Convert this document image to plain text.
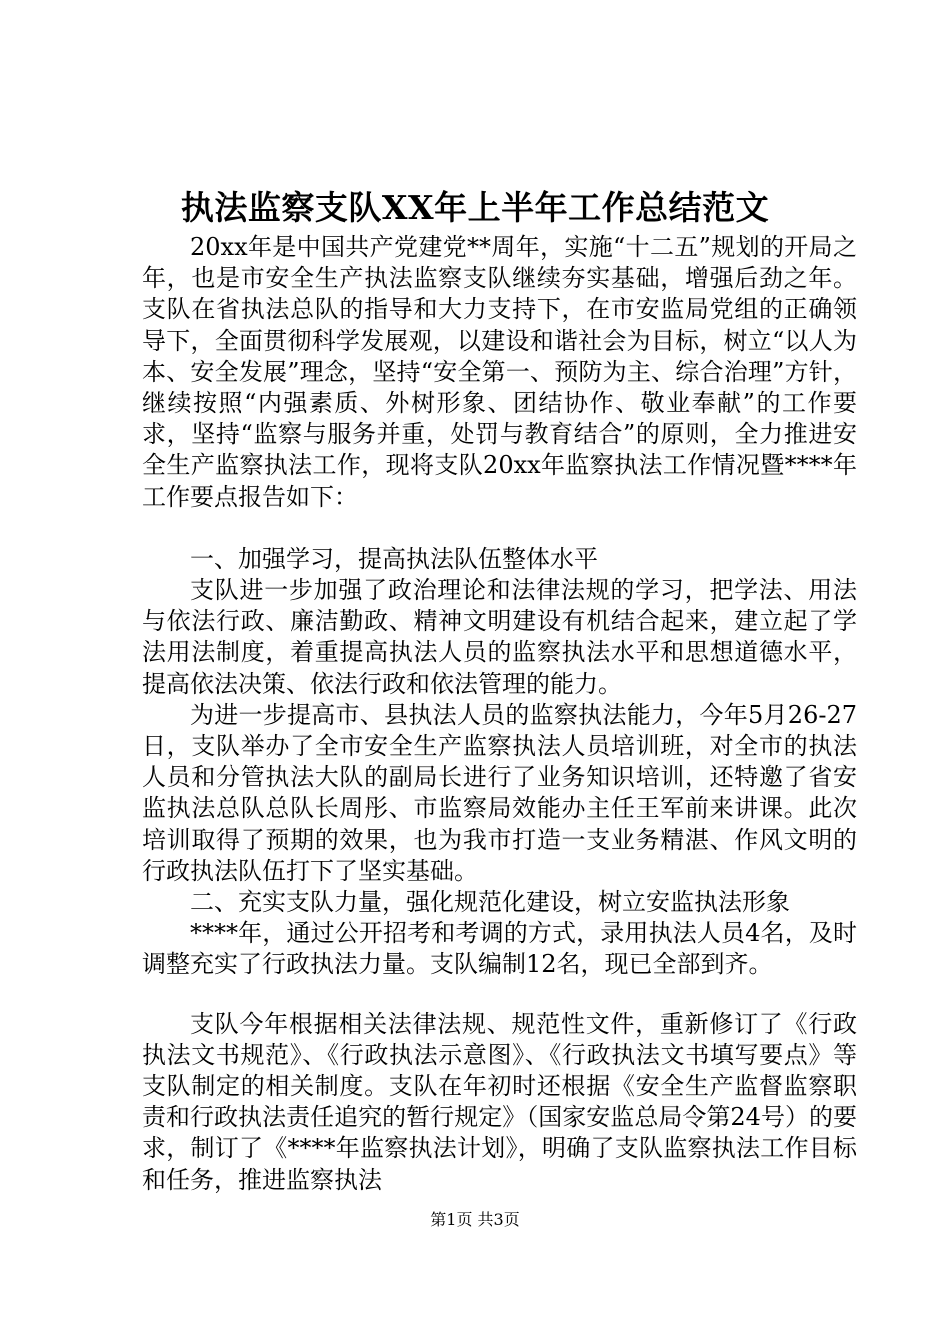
执法监察支队XX年上半年工作总结范文

20xx年是中国共产党建党**周年，实施“十二五”规划的开局之年，也是市安全生产执法监察支队继续夯实基础，增强后劲之年。支队在省执法总队的指导和大力支持下，在市安监局党组的正确领导下，全面贯彻科学发展观，以建设和谐社会为目标，树立“以人为本、安全发展”理念，坚持“安全第一、预防为主、综合治理”方针，继续按照“内强素质、外树形象、团结协作、敬业奉献”的工作要求，坚持“监察与服务并重，处罚与教育结合”的原则，全力推进安全生产监察执法工作，现将支队20xx年监察执法工作情况暨****年工作要点报告如下：

一、加强学习，提高执法队伍整体水平

支队进一步加强了政治理论和法律法规的学习，把学法、用法与依法行政、廉洁勤政、精神文明建设有机结合起来，建立起了学法用法制度，着重提高执法人员的监察执法水平和思想道德水平，提高依法决策、依法行政和依法管理的能力。

为进一步提高市、县执法人员的监察执法能力，今年5月26-27日，支队举办了全市安全生产监察执法人员培训班，对全市的执法人员和分管执法大队的副局长进行了业务知识培训，还特邀了省安监执法总队总队长周彤、市监察局效能办主任王军前来讲课。此次培训取得了预期的效果，也为我市打造一支业务精湛、作风文明的行政执法队伍打下了坚实基础。

二、充实支队力量，强化规范化建设，树立安监执法形象

****年，通过公开招考和考调的方式，录用执法人员4名，及时调整充实了行政执法力量。支队编制12名，现已全部到齐。

支队今年根据相关法律法规、规范性文件，重新修订了《行政执法文书规范》、《行政执法示意图》、《行政执法文书填写要点》等支队制定的相关制度。支队在年初时还根据《安全生产监督监察职责和行政执法责任追究的暂行规定》（国家安监总局令第24号）的要求，制订了《****年监察执法计划》，明确了支队监察执法工作目标和任务，推进监察执法

第1页 共3页
